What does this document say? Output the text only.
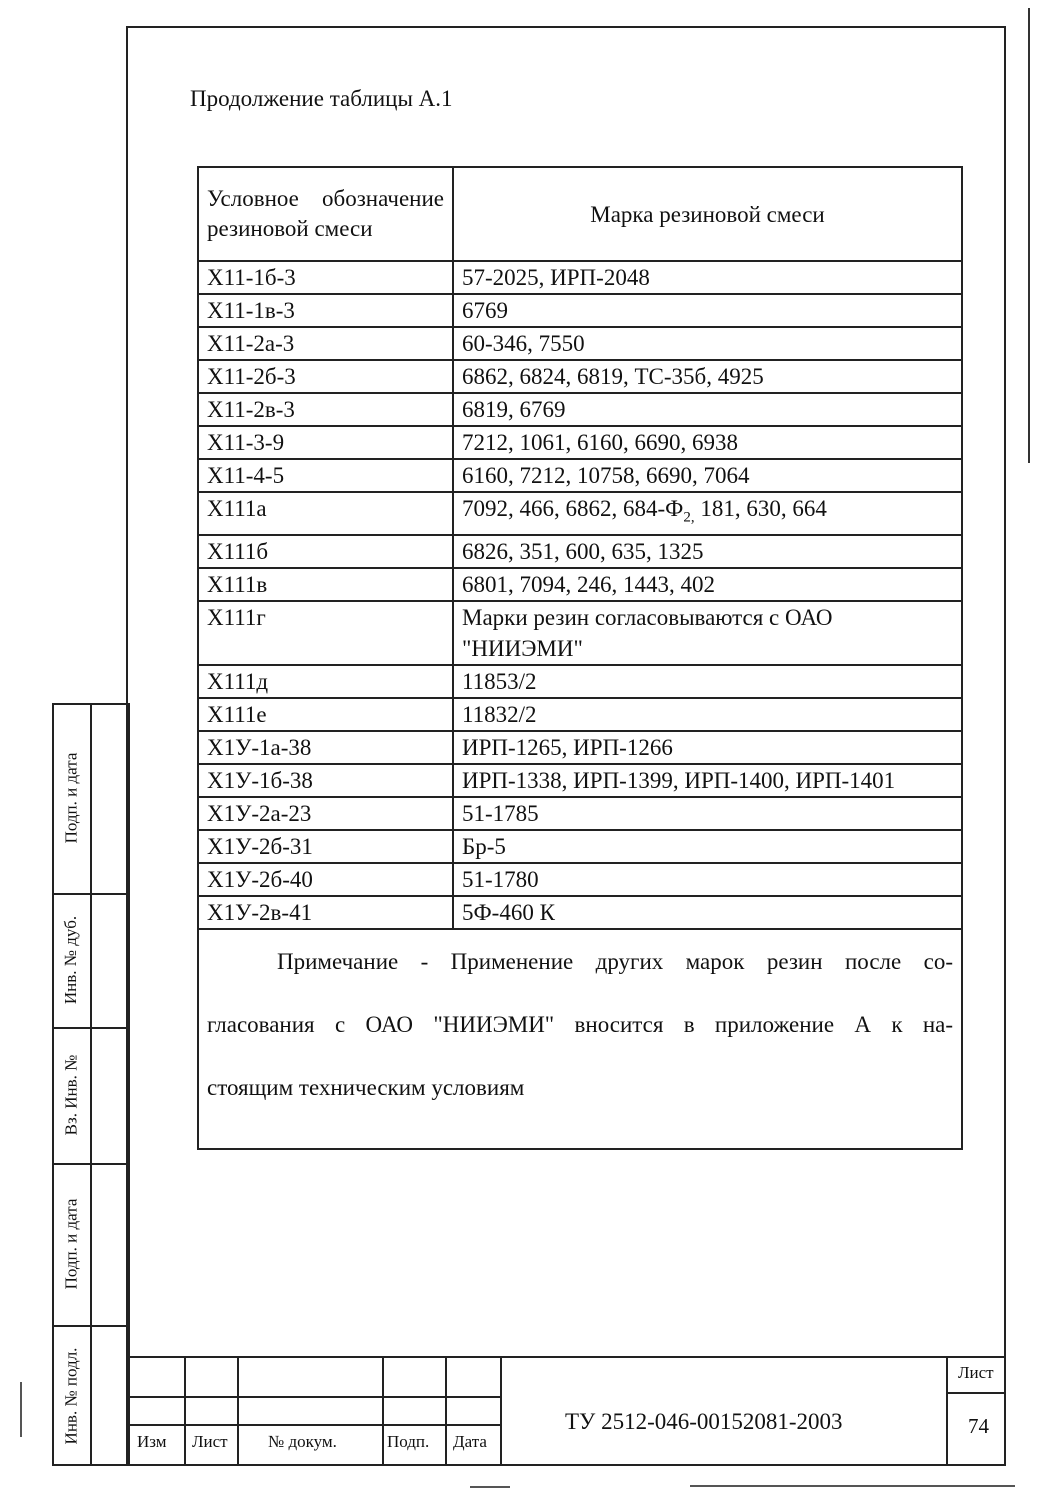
Продолжение таблицы А.1
Условное обозначение резиновой смеси	Марка резиновой смеси
Х11-1б-3	57-2025, ИРП-2048
Х11-1в-3	6769
Х11-2а-3	60-346, 7550
Х11-2б-3	6862, 6824, 6819, ТС-35б, 4925
Х11-2в-3	6819, 6769
Х11-3-9	7212, 1061, 6160, 6690, 6938
Х11-4-5	6160, 7212, 10758, 6690, 7064
Х111а	7092, 466, 6862, $684-Ф_{2,}$ 181, 630, 664
Х111б	6826, 351, 600, 635, 1325
Х111в	6801, 7094, 246, 1443, 402
Х111г	Марки резин согласовываются с ОАО "НИИЭМИ"
Х111д	11853/2
Х111е	11832/2
Х1У-1а-38	ИРП-1265, ИРП-1266
Х1У-1б-38	ИРП-1338, ИРП-1399, ИРП-1400, ИРП-1401
Х1У-2а-23	51-1785
Х1У-2б-31	Бр-5
Х1У-2б-40	51-1780
Х1У-2в-41	5Ф-460 К

Примечание - Применение других марок резин после со-
гласования с ОАО "НИИЭМИ" вносится в приложение А к на-
стоящим техническим условиям	
Подп. и дата
Инв. № дуб.
Вз. Инв. №
Подп. и дата
Инв. № подл.	Изм Лист № докум.	Подп. Дата
ТУ 2512-046-00152081-2003
Лист
74
